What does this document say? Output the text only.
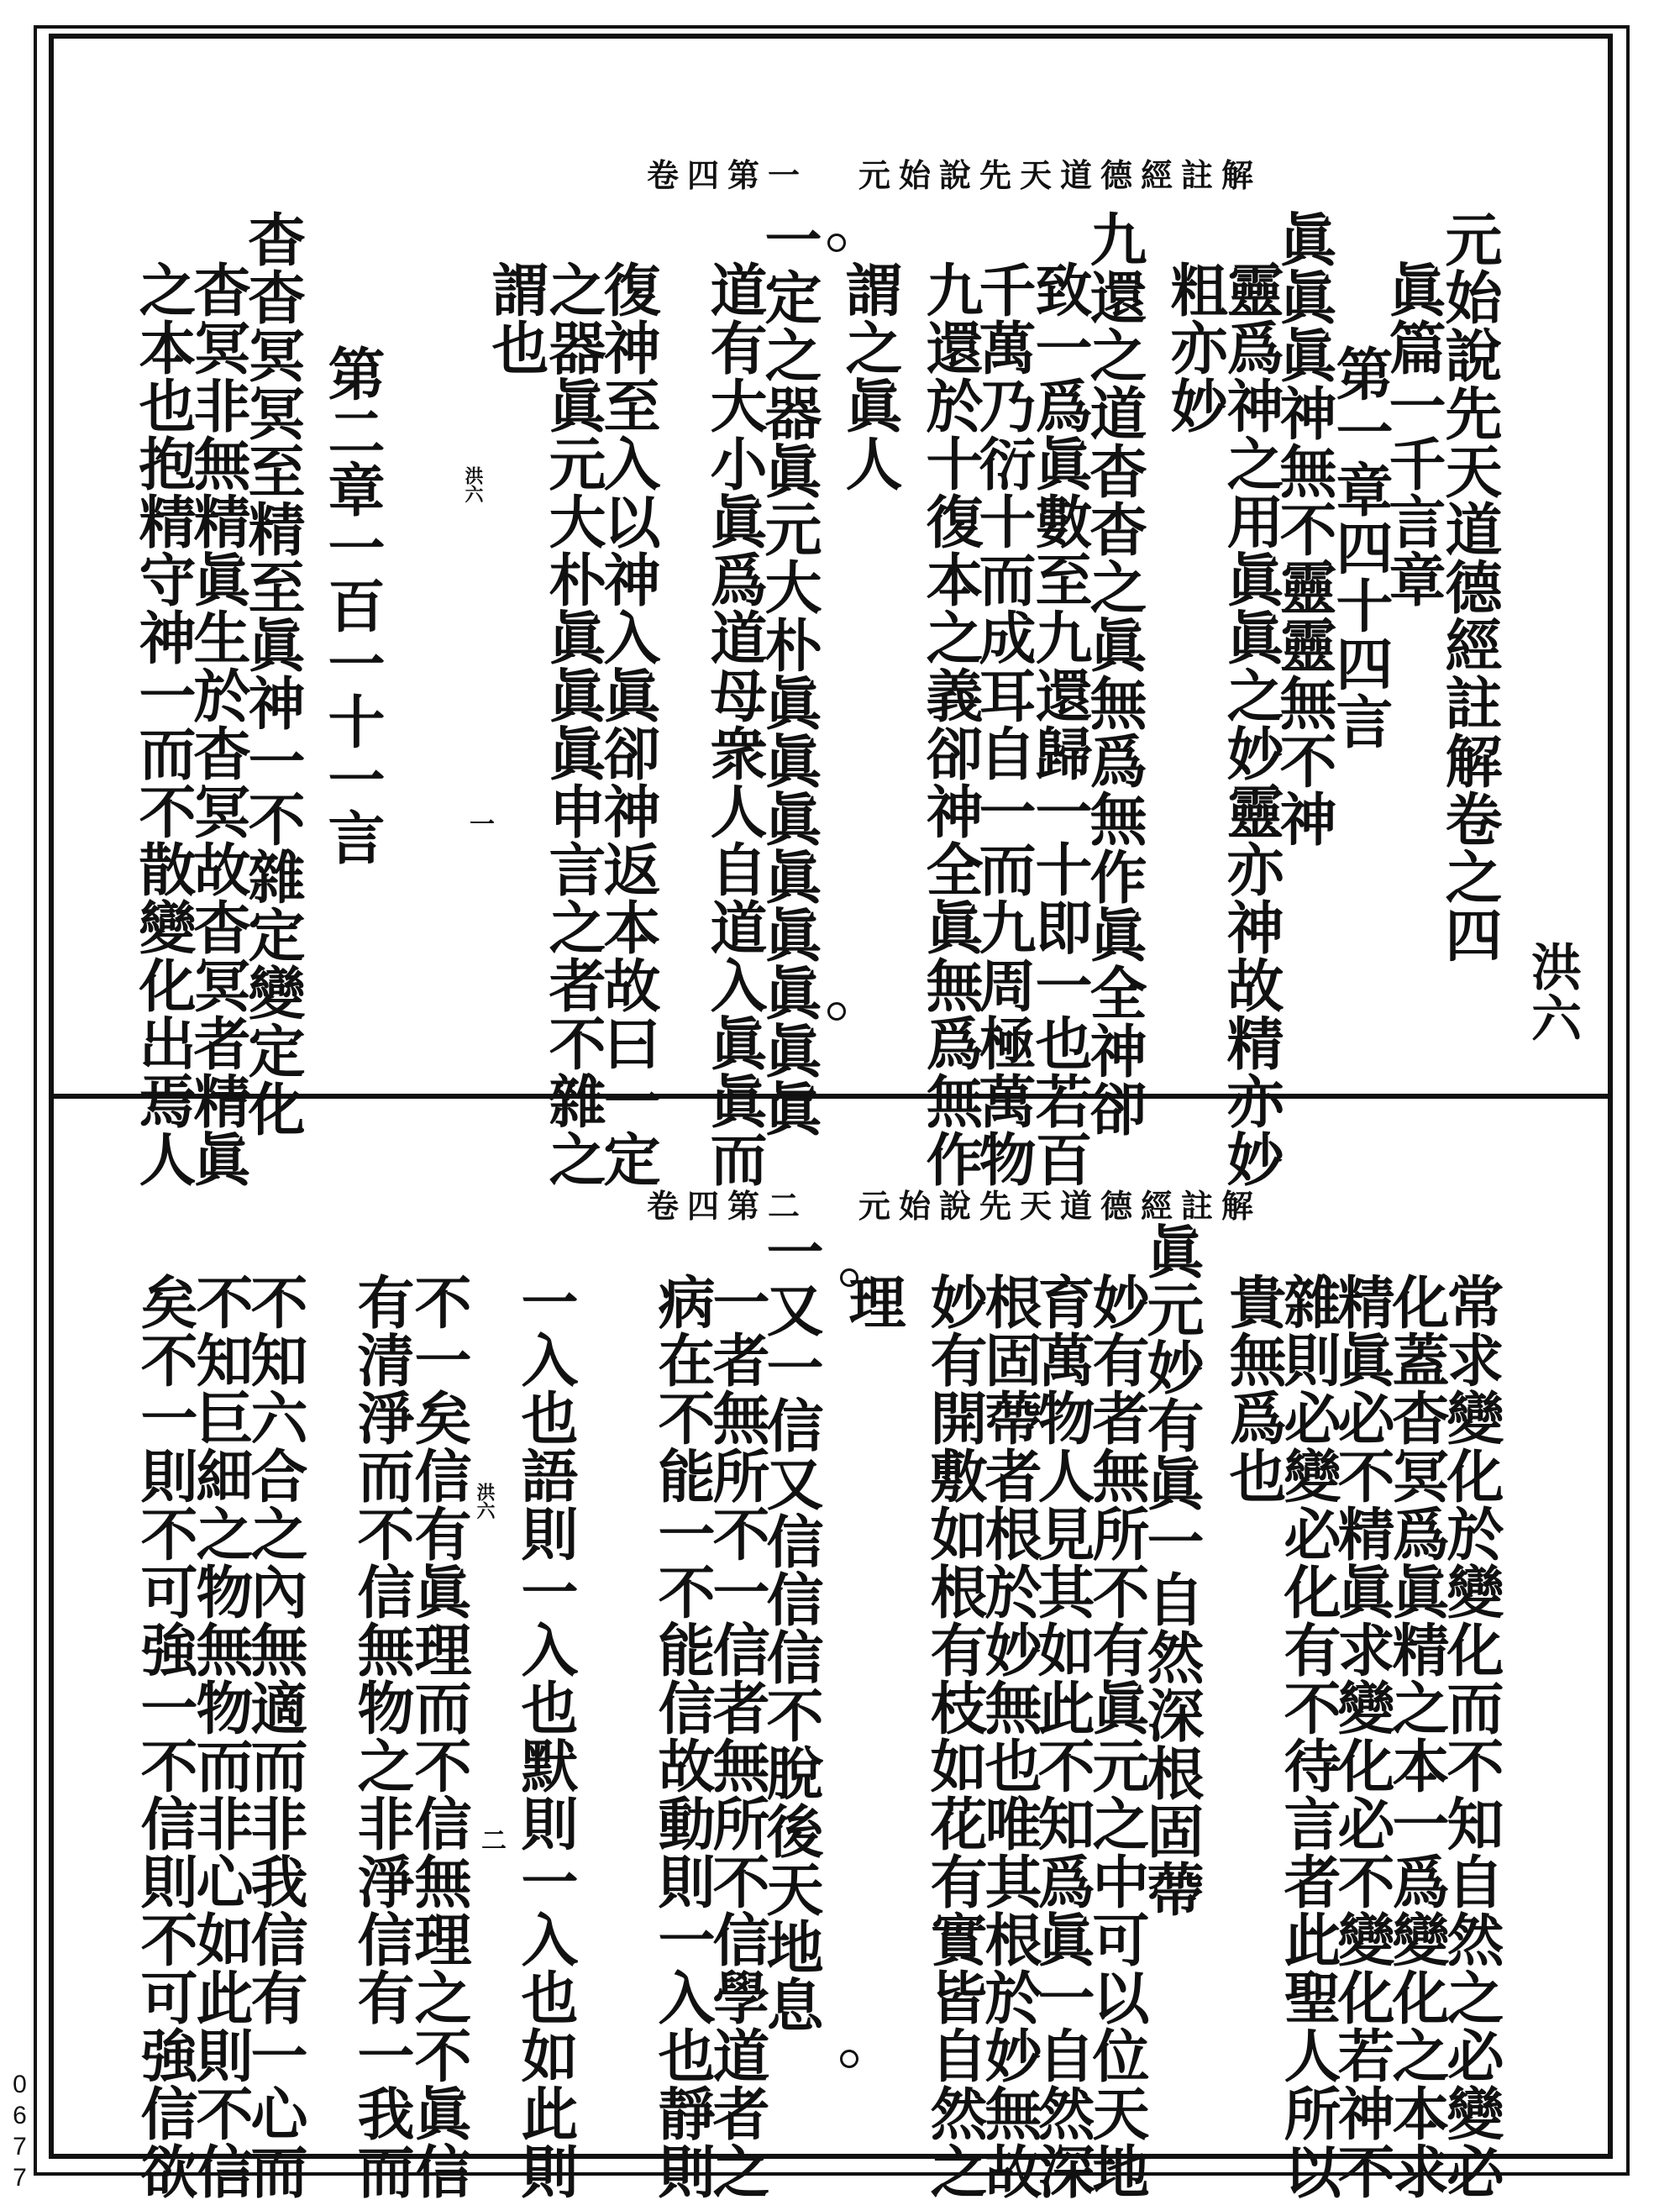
卷四第一 元始說先天道德經註解
卷四第二 元始說先天道德經註解
元始說先天道德經註解卷之四
眞篇一千言章
第一章四十四言
眞眞眞神無不靈靈無不神
靈爲神之用眞眞之妙靈亦神故精亦妙
粗亦妙
九還之道杳杳之眞無爲無作眞全神卻
致一爲眞數至九還歸一十即一也若百
千萬乃衍十而成耳自一而九周極萬物
九還於十復本之義卻神全眞無爲無作
謂之眞人
一定之器眞元大朴眞眞眞眞眞眞眞眞
道有大小眞爲道母衆人自道入眞眞而
復神至入以神入眞卻神返本故曰一定
之器眞元大朴眞眞眞申言之者不雜之
謂也
第二章一百一十一言
杳杳冥冥至精至眞神一不雜定變定化
杳冥非無精眞生於杳冥故杳冥者精眞
之本也抱精守神一而不散變化出焉人	洪六
洪六
一
常求變化於變化而不知自然之必變必
化蓋杳冥爲眞精之本一爲變化之本求
精眞必不精眞求變化必不變化若神不
雜則必變必化有不待言者此聖人所以
貴無爲也
眞元妙有眞一自然深根固蔕
妙有者無所不有眞元之中可以位天地
育萬物人見其如此不知爲眞一自然深
根固蔕者根於妙無也唯其根於妙無故
妙有開敷如根有枝如花有實皆自然之
理
一又一信又信信信不脫後天地息
一者無所不一信者無所不信學道者之
病在不能一不能信故動則一入也靜則
一入也語則一入也默則一入也如此則
不一矣信有眞理而不信無理之不眞信
有清淨而不信無物之非淨信有一我而
不知六合之內無適而非我信有一心而
不知巨細之物無物而非心如此則不信
矣不一則不可強一不信則不可強信欲	洪六
二
0677
